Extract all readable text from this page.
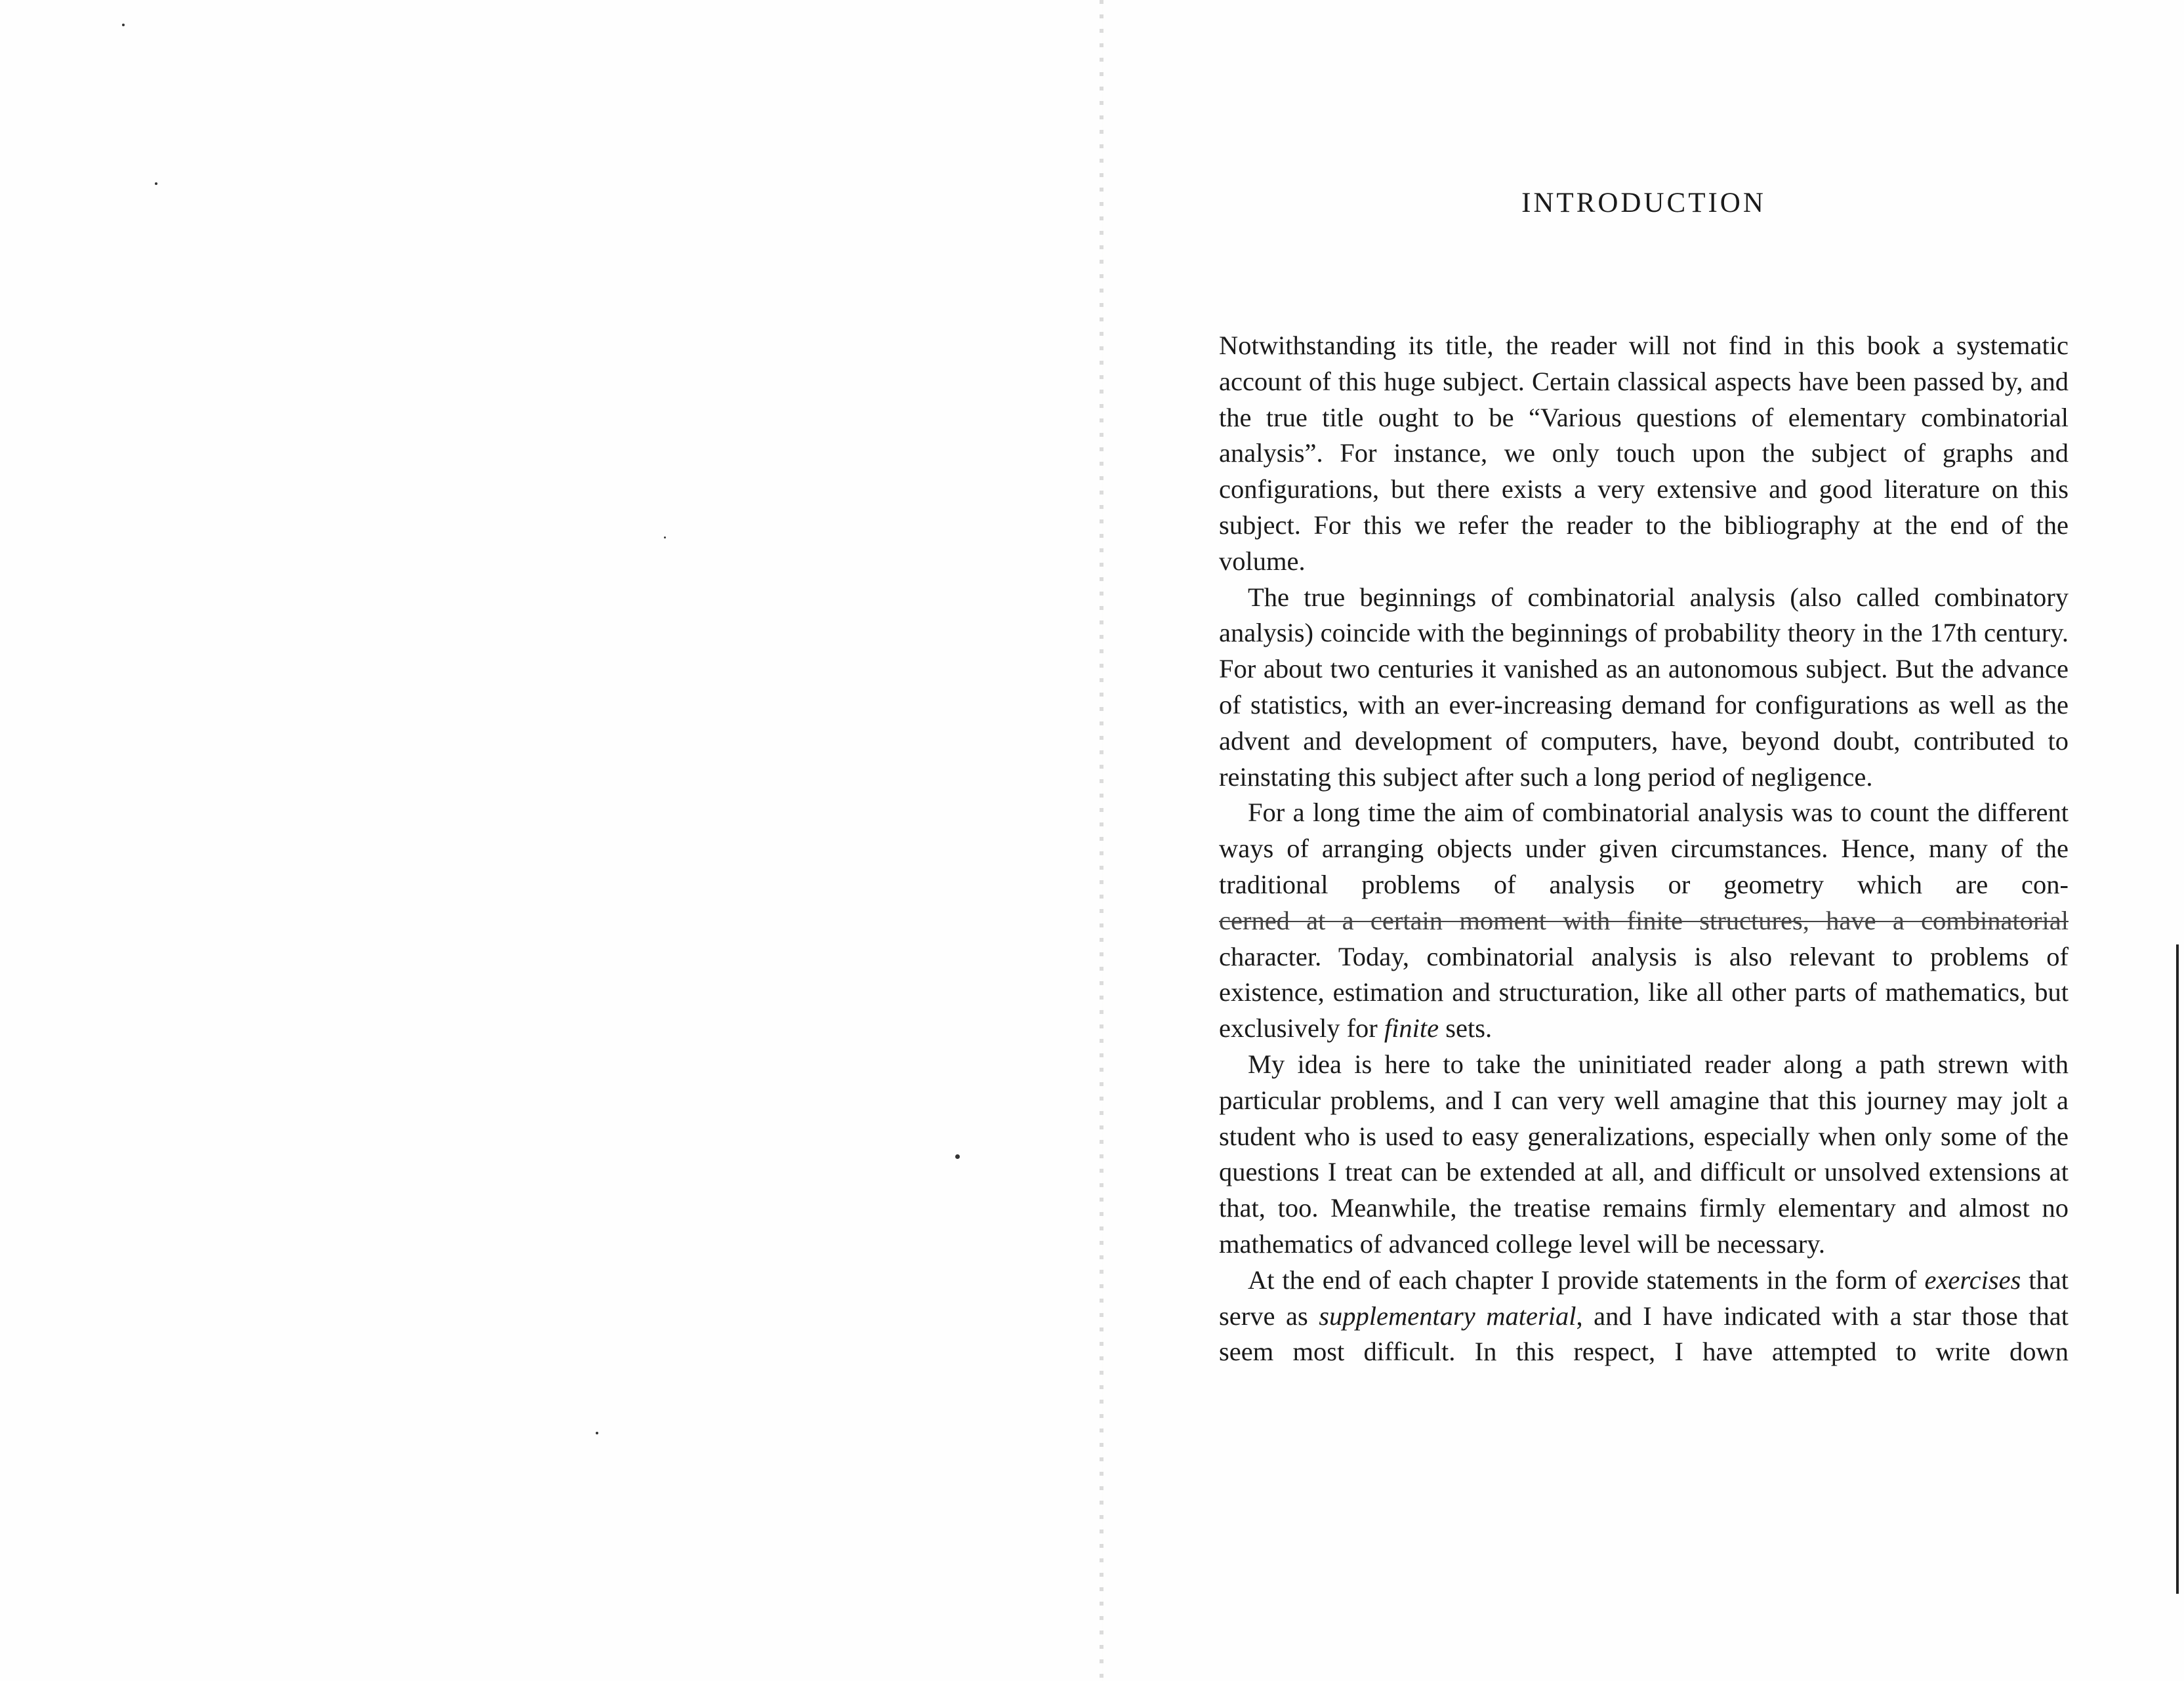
INTRODUCTION

Notwithstanding its title, the reader will not find in this book a systematic account of this huge subject. Certain classical aspects have been passed by, and the true title ought to be “Various questions of elementary combinatorial analysis”. For instance, we only touch upon the subject of graphs and configurations, but there exists a very extensive and good literature on this subject. For this we refer the reader to the bibliography at the end of the volume.

The true beginnings of combinatorial analysis (also called combinatory analysis) coincide with the beginnings of probability theory in the 17th century. For about two centuries it vanished as an autonomous subject. But the advance of statistics, with an ever-increasing demand for configurations as well as the advent and development of computers, have, beyond doubt, contributed to reinstating this subject after such a long period of negligence.

For a long time the aim of combinatorial analysis was to count the different ways of arranging objects under given circumstances. Hence, many of the traditional problems of analysis or geometry which are con-

cerned at a certain moment with finite structures, have a combinatorial

character. Today, combinatorial analysis is also relevant to problems of existence, estimation and structuration, like all other parts of mathematics, but exclusively for finite sets.

My idea is here to take the uninitiated reader along a path strewn with particular problems, and I can very well amagine that this journey may jolt a student who is used to easy generalizations, especially when only some of the questions I treat can be extended at all, and difficult or unsolved extensions at that, too. Meanwhile, the treatise remains firmly elementary and almost no mathematics of advanced college level will be necessary.

At the end of each chapter I provide statements in the form of exercises that serve as supplementary material, and I have indicated with a star those that seem most difficult. In this respect, I have attempted to write down
